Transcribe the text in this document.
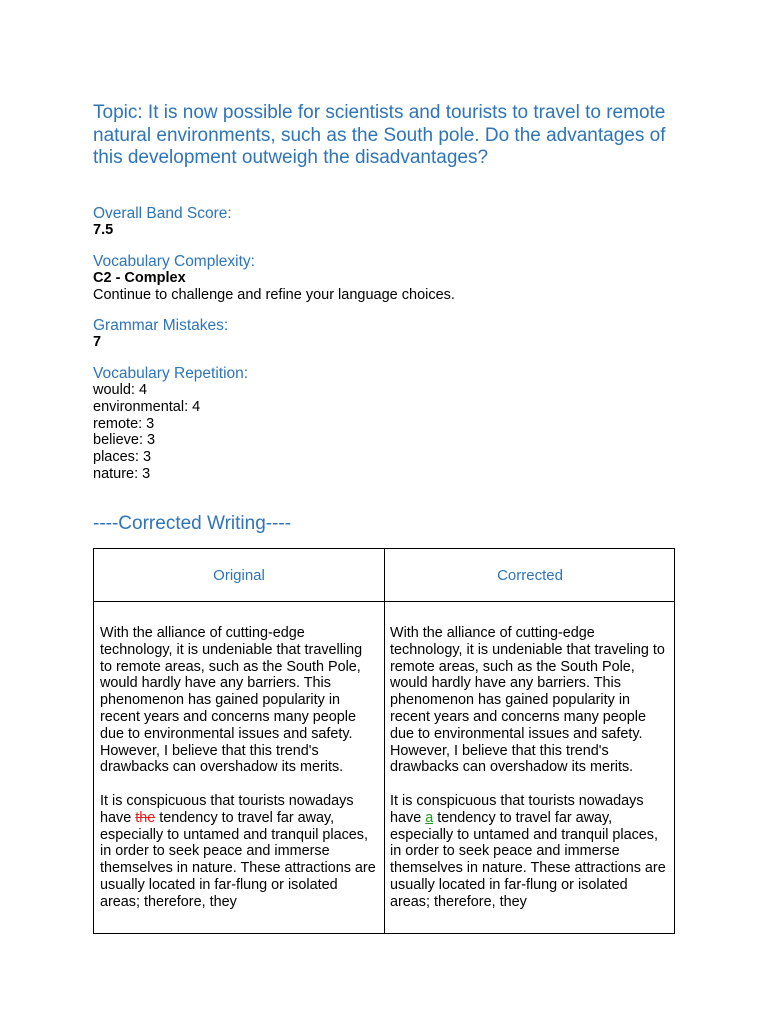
Topic: It is now possible for scientists and tourists to travel to remote natural environments, such as the South pole. Do the advantages of this development outweigh the disadvantages?
Overall Band Score:
7.5
Vocabulary Complexity:
C2 - Complex
Continue to challenge and refine your language choices.
Grammar Mistakes:
7
Vocabulary Repetition:
would: 4
environmental: 4
remote: 3
believe: 3
places: 3
nature: 3
----Corrected Writing----
Original	Corrected

With the alliance of cutting-edge technology, it is undeniable that travelling to remote areas, such as the South Pole, would hardly have any barriers. This phenomenon has gained popularity in recent years and concerns many people due to environmental issues and safety. However, I believe that this trend's drawbacks can overshadow its merits.

It is conspicuous that tourists nowadays have the tendency to travel far away, especially to untamed and tranquil places, in order to seek peace and immerse themselves in nature. These attractions are usually located in far-flung or isolated areas; therefore, they

With the alliance of cutting-edge technology, it is undeniable that traveling to remote areas, such as the South Pole, would hardly have any barriers. This phenomenon has gained popularity in recent years and concerns many people due to environmental issues and safety. However, I believe that this trend's drawbacks can overshadow its merits.

It is conspicuous that tourists nowadays have a tendency to travel far away, especially to untamed and tranquil places, in order to seek peace and immerse themselves in nature. These attractions are usually located in far-flung or isolated areas; therefore, they
